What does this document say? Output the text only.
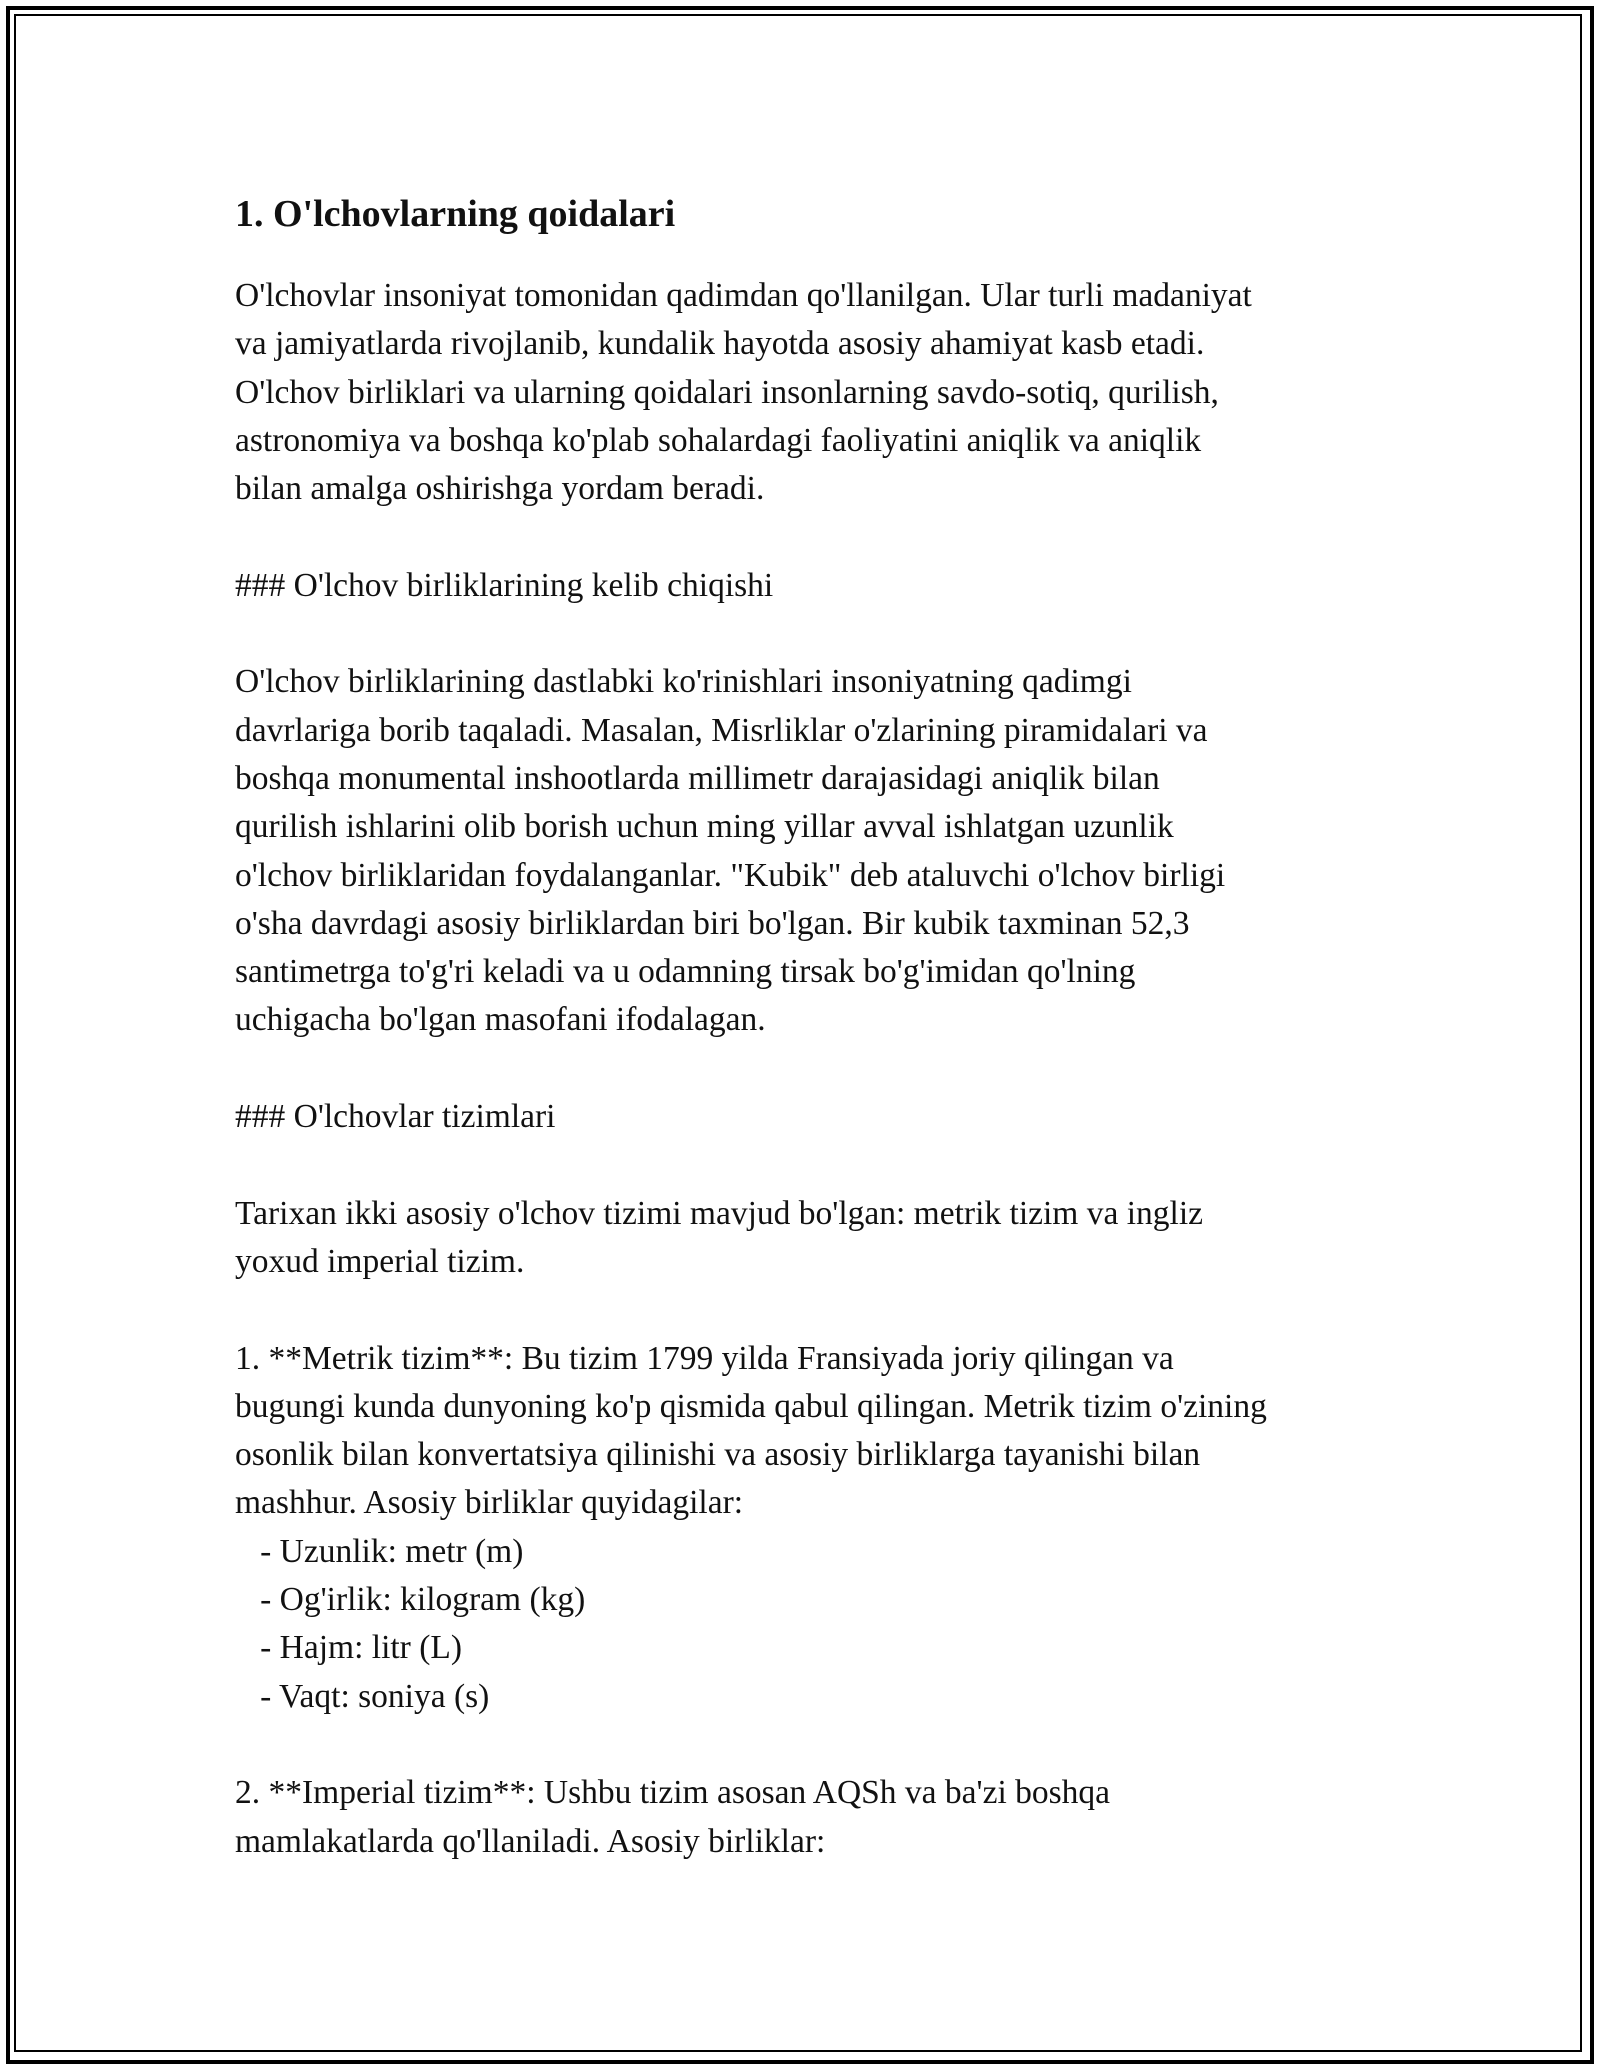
1. O'lchovlarning qoidalari

O'lchovlar insoniyat tomonidan qadimdan qo'llanilgan. Ular turli madaniyat

va jamiyatlarda rivojlanib, kundalik hayotda asosiy ahamiyat kasb etadi.

O'lchov birliklari va ularning qoidalari insonlarning savdo-sotiq, qurilish,

astronomiya va boshqa ko'plab sohalardagi faoliyatini aniqlik va aniqlik

bilan amalga oshirishga yordam beradi.

### O'lchov birliklarining kelib chiqishi

O'lchov birliklarining dastlabki ko'rinishlari insoniyatning qadimgi

davrlariga borib taqaladi. Masalan, Misrliklar o'zlarining piramidalari va

boshqa monumental inshootlarda millimetr darajasidagi aniqlik bilan

qurilish ishlarini olib borish uchun ming yillar avval ishlatgan uzunlik

o'lchov birliklaridan foydalanganlar. "Kubik" deb ataluvchi o'lchov birligi

o'sha davrdagi asosiy birliklardan biri bo'lgan. Bir kubik taxminan 52,3

santimetrga to'g'ri keladi va u odamning tirsak bo'g'imidan qo'lning

uchigacha bo'lgan masofani ifodalagan.

### O'lchovlar tizimlari

Tarixan ikki asosiy o'lchov tizimi mavjud bo'lgan: metrik tizim va ingliz

yoxud imperial tizim.

1. **Metrik tizim**: Bu tizim 1799 yilda Fransiyada joriy qilingan va

bugungi kunda dunyoning ko'p qismida qabul qilingan. Metrik tizim o'zining

osonlik bilan konvertatsiya qilinishi va asosiy birliklarga tayanishi bilan

mashhur. Asosiy birliklar quyidagilar:

- Uzunlik: metr (m)

- Og'irlik: kilogram (kg)

- Hajm: litr (L)

- Vaqt: soniya (s)

2. **Imperial tizim**: Ushbu tizim asosan AQSh va ba'zi boshqa

mamlakatlarda qo'llaniladi. Asosiy birliklar:
